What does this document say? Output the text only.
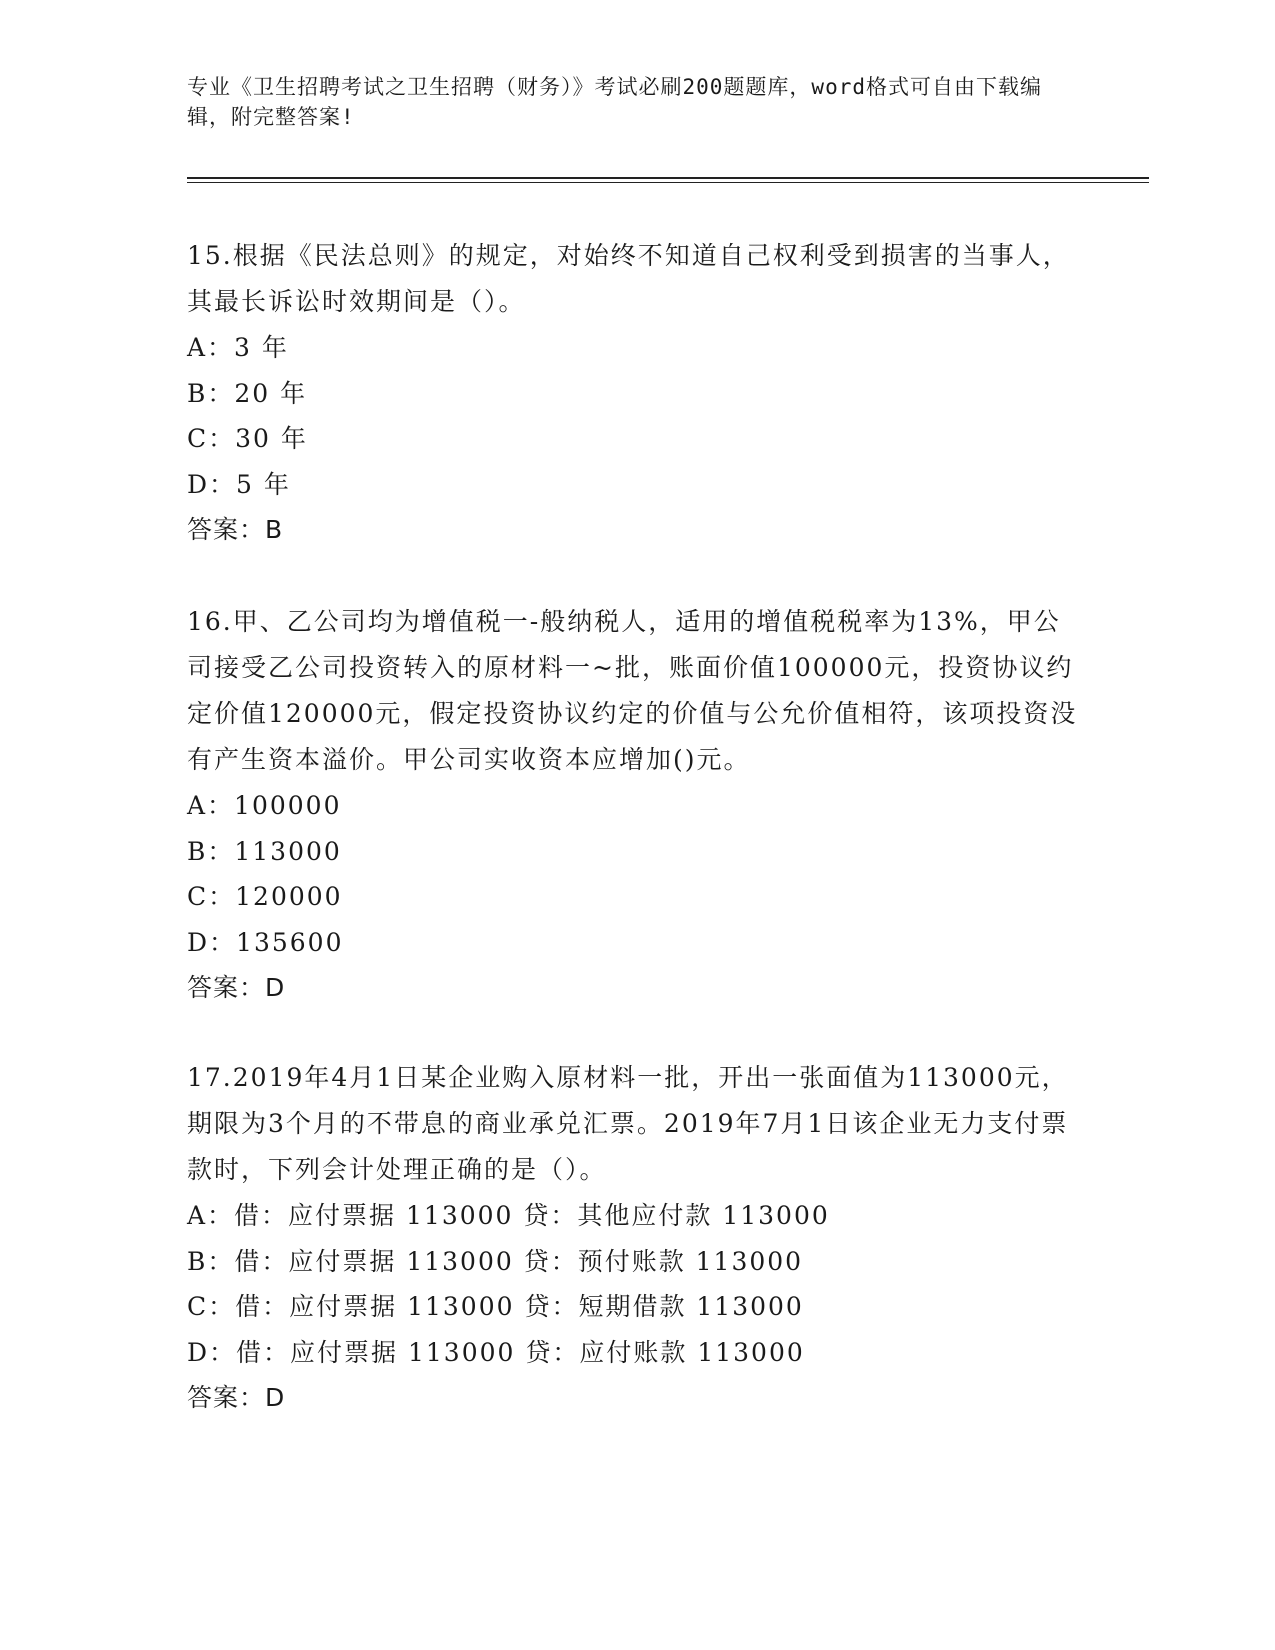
专业《卫生招聘考试之卫生招聘（财务）》考试必刷200题题库，word格式可自由下载编辑，附完整答案!
15.根据《民法总则》的规定，对始终不知道自己权利受到损害的当事人，其最长诉讼时效期间是（）。
A：3 年
B：20 年
C：30 年
D：5 年
答案：B
16.甲、乙公司均为增值税一-般纳税人，适用的增值税税率为13%，甲公司接受乙公司投资转入的原材料一~批，账面价值100000元，投资协议约定价值120000元，假定投资协议约定的价值与公允价值相符，该项投资没有产生资本溢价。甲公司实收资本应增加()元。
A：100000
B：113000
C：120000
D：135600
答案：D
17.2019年4月1日某企业购入原材料一批，开出一张面值为113000元，期限为3个月的不带息的商业承兑汇票。2019年7月1日该企业无力支付票款时，下列会计处理正确的是（）。
A：借：应付票据 113000 贷：其他应付款 113000
B：借：应付票据 113000 贷：预付账款 113000
C：借：应付票据 113000 贷：短期借款 113000
D：借：应付票据 113000 贷：应付账款 113000
答案：D
